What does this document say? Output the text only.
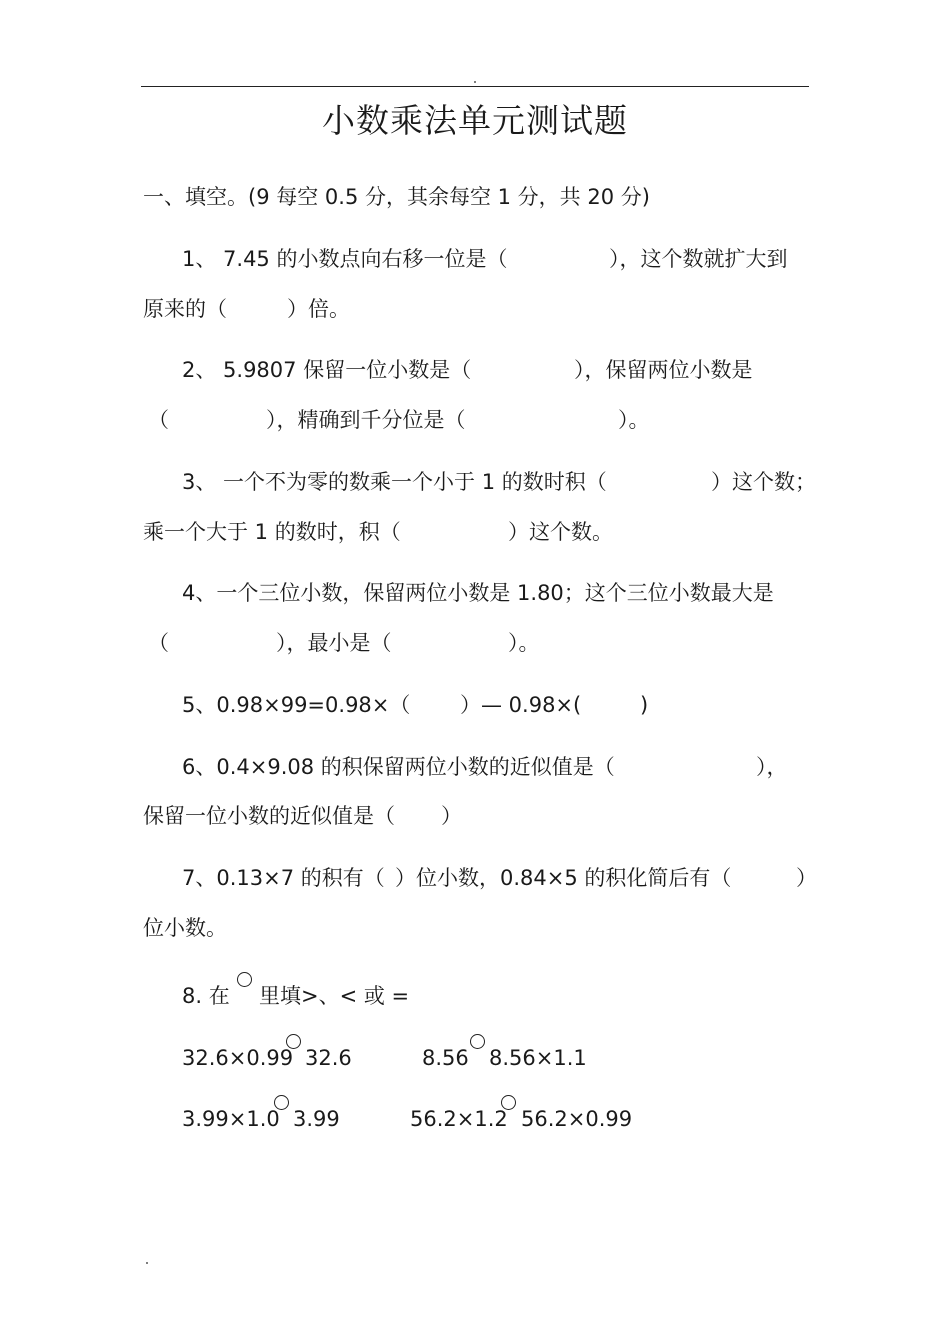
小数乘法单元测试题
一、填空。(9 每空 0.5 分，其余每空 1 分，共 20 分)
1、 7.45 的小数点向右移一位是（	），这个数就扩大到
原来的（	）倍。
2、 5.9807 保留一位小数是（	），保留两位小数是
（	），精确到千分位是（	）。
3、 一个不为零的数乘一个小于 1 的数时积（	）这个数；
乘一个大于 1 的数时，积（	）这个数。
4、一个三位小数，保留两位小数是 1.80；这个三位小数最大是
（	），最小是（	）。
5、0.98×99=0.98×（ ）— 0.98×(	)
6、0.4×9.08 的积保留两位小数的近似值是（	），
保留一位小数的近似值是（ ）
7、0.13×7 的积有（ ）位小数，0.84×5 的积化简后有（	）
位小数。
8. 在 里填>、< 或 =
32.6×0.99 32.6	8.56 8.56×1.1
3.99×1.0 3.99	56.2×1.2 56.2×0.99
